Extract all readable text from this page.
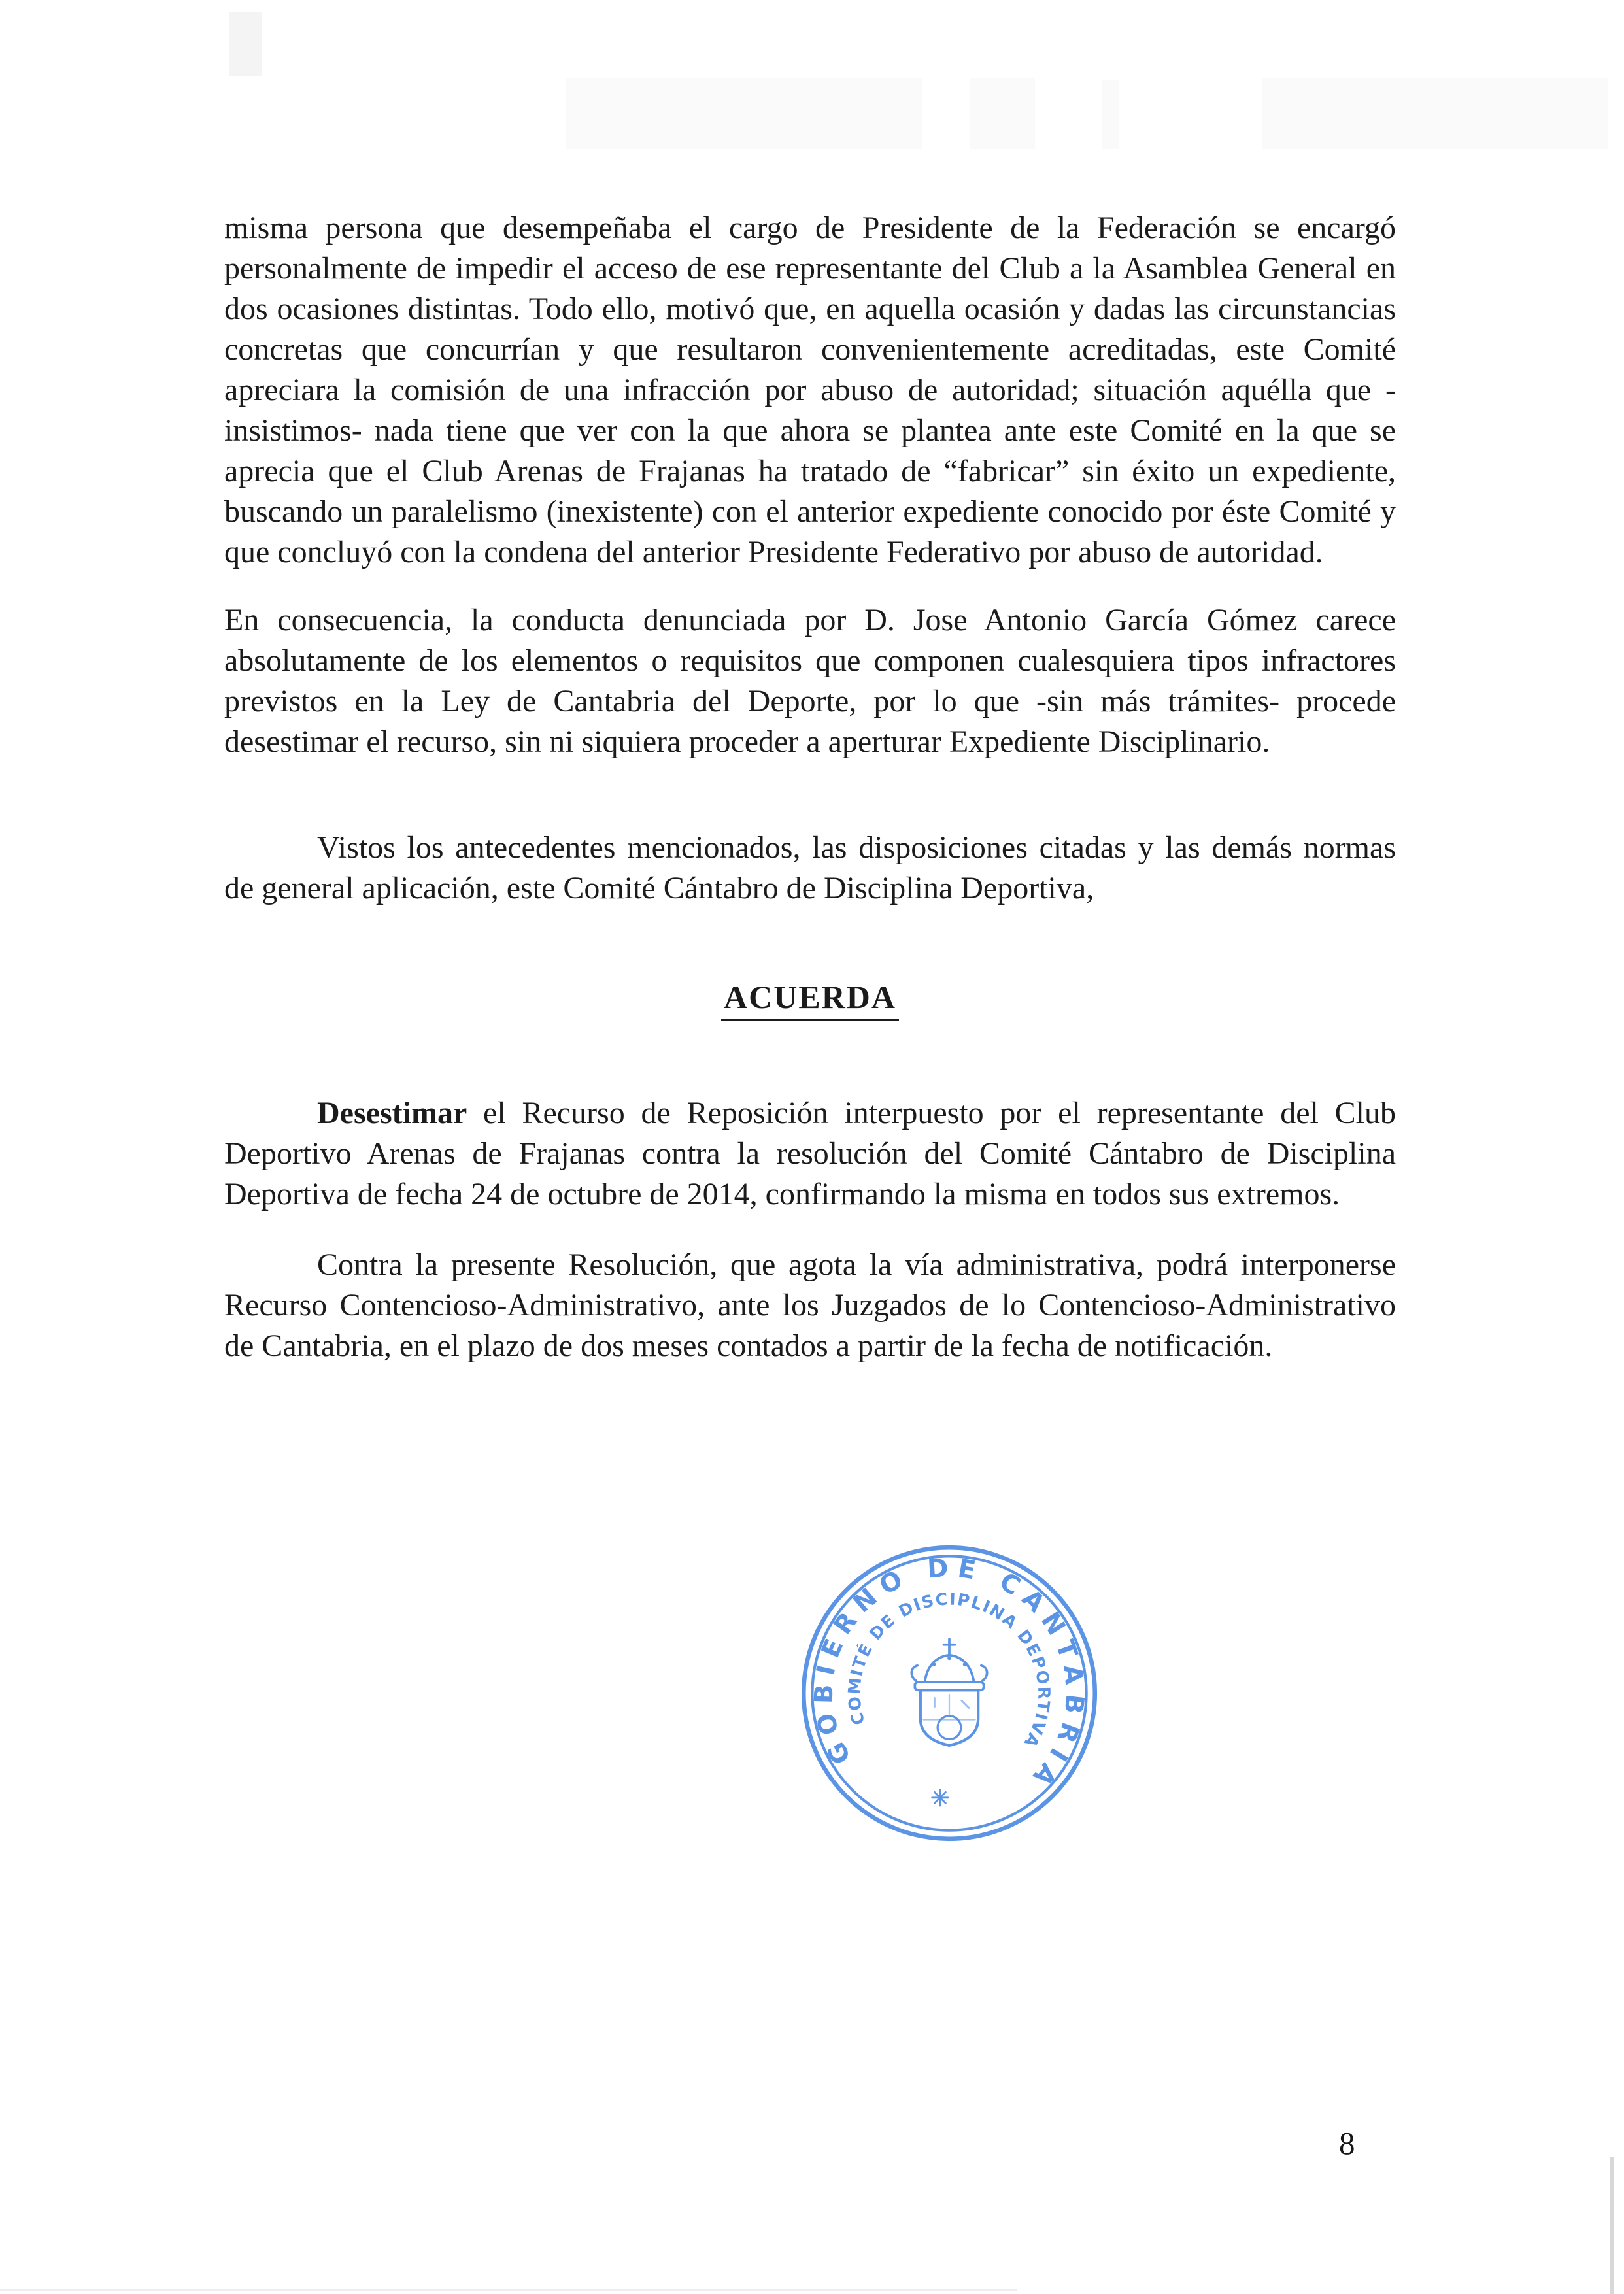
misma persona que desempeñaba el cargo de Presidente de la Federación se encargó personalmente de impedir el acceso de ese representante del Club a la Asamblea General en dos ocasiones distintas. Todo ello, motivó que, en aquella ocasión y dadas las circunstancias concretas que concurrían y que resultaron convenientemente acreditadas, este Comité apreciara la comisión de una infracción por abuso de autoridad; situación aquélla que -insistimos- nada tiene que ver con la que ahora se plantea ante este Comité en la que se aprecia que el Club Arenas de Frajanas ha tratado de “fabricar” sin éxito un expediente, buscando un paralelismo (inexistente) con el anterior expediente conocido por éste Comité y que concluyó con la condena del anterior Presidente Federativo por abuso de autoridad.

En consecuencia, la conducta denunciada por D. Jose Antonio García Gómez carece absolutamente de los elementos o requisitos que componen cualesquiera tipos infractores previstos en la Ley de Cantabria del Deporte, por lo que -sin más trámites- procede desestimar el recurso, sin ni siquiera proceder a aperturar Expediente Disciplinario.

Vistos los antecedentes mencionados, las disposiciones citadas y las demás normas de general aplicación, este Comité Cántabro de Disciplina Deportiva,

ACUERDA

Desestimar el Recurso de Reposición interpuesto por el representante del Club Deportivo Arenas de Frajanas contra la resolución del Comité Cántabro de Disciplina Deportiva de fecha 24 de octubre de 2014, confirmando la misma en todos sus extremos.

Contra la presente Resolución, que agota la vía administrativa, podrá interponerse Recurso Contencioso-Administrativo, ante los Juzgados de lo Contencioso-Administrativo de Cantabria, en el plazo de dos meses contados a partir de la fecha de notificación.

GOBIERNO DE CANTABRIA
COMITÉ DE DISCIPLINA DEPORTIVA
8
